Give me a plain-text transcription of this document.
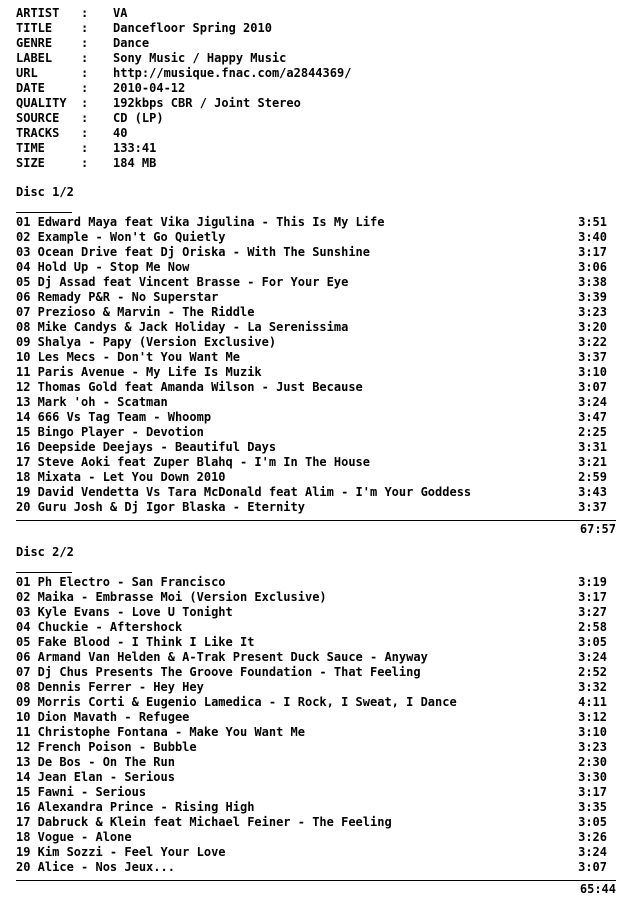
ARTIST : VA
TITLE : Dancefloor Spring 2010
GENRE : Dance
LABEL : Sony Music / Happy Music
URL	: http://musique.fnac.com/a2844369/
DATE	: 2010-04-12
QUALITY : 192kbps CBR / Joint Stereo
SOURCE : CD (LP)
TRACKS : 40
TIME	: 133:41
SIZE	: 184 MB
Disc 1/2
01 Edward Maya feat Vika Jigulina - This Is My Life	3:51
02 Example - Won't Go Quietly	3:40
03 Ocean Drive feat Dj Oriska - With The Sunshine	3:17
04 Hold Up - Stop Me Now	3:06
05 Dj Assad feat Vincent Brasse - For Your Eye	3:38
06 Remady P&R - No Superstar	3:39
07 Prezioso & Marvin - The Riddle	3:23
08 Mike Candys & Jack Holiday - La Serenissima	3:20
09 Shalya - Papy (Version Exclusive)	3:22
10 Les Mecs - Don't You Want Me	3:37
11 Paris Avenue - My Life Is Muzik	3:10
12 Thomas Gold feat Amanda Wilson - Just Because	3:07
13 Mark 'oh - Scatman	3:24
14 666 Vs Tag Team - Whoomp	3:47
15 Bingo Player - Devotion	2:25
16 Deepside Deejays - Beautiful Days	3:31
17 Steve Aoki feat Zuper Blahq - I'm In The House	3:21
18 Mixata - Let You Down 2010	2:59
19 David Vendetta Vs Tara McDonald feat Alim - I'm Your Goddess	3:43
20 Guru Josh & Dj Igor Blaska - Eternity	3:37
67:57
Disc 2/2
01 Ph Electro - San Francisco	3:19
02 Maika - Embrasse Moi (Version Exclusive)	3:17
03 Kyle Evans - Love U Tonight	3:27
04 Chuckie - Aftershock	2:58
05 Fake Blood - I Think I Like It	3:05
06 Armand Van Helden & A-Trak Present Duck Sauce - Anyway	3:24
07 Dj Chus Presents The Groove Foundation - That Feeling	2:52
08 Dennis Ferrer - Hey Hey	3:32
09 Morris Corti & Eugenio Lamedica - I Rock, I Sweat, I Dance	4:11
10 Dion Mavath - Refugee	3:12
11 Christophe Fontana - Make You Want Me	3:10
12 French Poison - Bubble	3:23
13 De Bos - On The Run	2:30
14 Jean Elan - Serious	3:30
15 Fawni - Serious	3:17
16 Alexandra Prince - Rising High	3:35
17 Dabruck & Klein feat Michael Feiner - The Feeling	3:05
18 Vogue - Alone	3:26
19 Kim Sozzi - Feel Your Love	3:24
20 Alice - Nos Jeux...	3:07
65:44
